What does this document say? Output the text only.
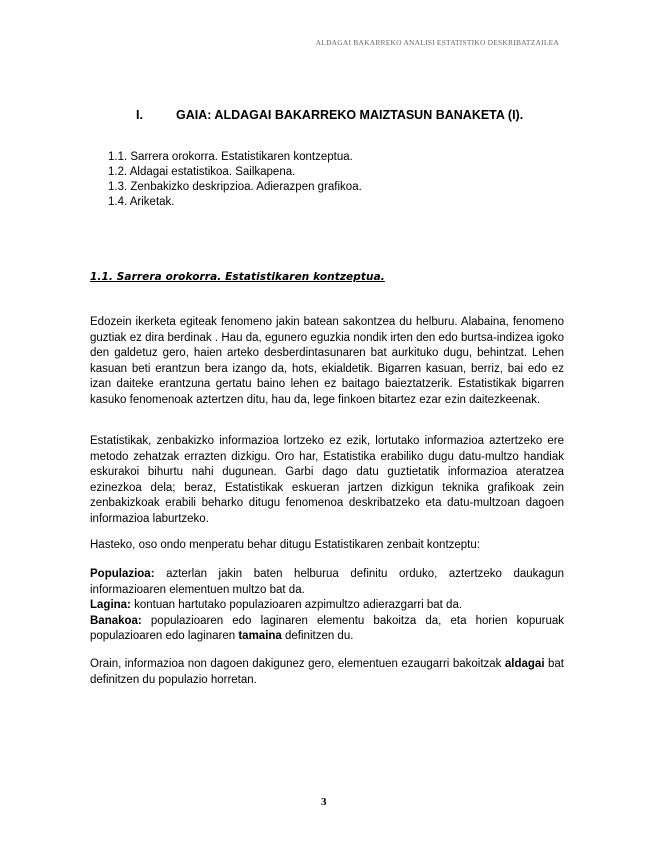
ALDAGAI BAKARREKO ANALISI ESTATISTIKO DESKRIBATZAILEA
I.	GAIA: ALDAGAI BAKARREKO MAIZTASUN BANAKETA (I).
1.1. Sarrera orokorra. Estatistikaren kontzeptua.
1.2. Aldagai estatistikoa. Sailkapena.
1.3. Zenbakizko deskripzioa. Adierazpen grafikoa.
1.4. Ariketak.
1.1. Sarrera orokorra. Estatistikaren kontzeptua.

Edozein ikerketa egiteak fenomeno jakin batean sakontzea du helburu. Alabaina, fenomeno guztiak ez dira berdinak . Hau da, egunero eguzkia nondik irten den edo burtsa-indizea igoko den galdetuz gero, haien arteko desberdintasunaren bat aurkituko dugu, behintzat. Lehen kasuan beti erantzun bera izango da, hots, ekialdetik. Bigarren kasuan, berriz, bai edo ez izan daiteke erantzuna gertatu baino lehen ez baitago baieztatzerik. Estatistikak bigarren kasuko fenomenoak aztertzen ditu, hau da, lege finkoen bitartez ezar ezin daitezkeenak.

Estatistikak, zenbakizko informazioa lortzeko ez ezik, lortutako informazioa aztertzeko ere metodo zehatzak errazten dizkigu. Oro har, Estatistika erabiliko dugu datu-multzo handiak eskurakoi bihurtu nahi dugunean. Garbi dago datu guztietatik informazioa ateratzea ezinezkoa dela; beraz, Estatistikak eskueran jartzen dizkigun teknika grafikoak zein zenbakizkoak erabili beharko ditugu fenomenoa deskribatzeko eta datu-multzoan dagoen informazioa laburtzeko.

Hasteko, oso ondo menperatu behar ditugu Estatistikaren zenbait kontzeptu:

Populazioa: azterlan jakin baten helburua definitu orduko, aztertzeko daukagun informazioaren elementuen multzo bat da.

Lagina: kontuan hartutako populazioaren azpimultzo adierazgarri bat da.

Banakoa: populazioaren edo laginaren elementu bakoitza da, eta horien kopuruak populazioaren edo laginaren tamaina definitzen du.

Orain, informazioa non dagoen dakigunez gero, elementuen ezaugarri bakoitzak aldagai bat definitzen du populazio horretan.

3
